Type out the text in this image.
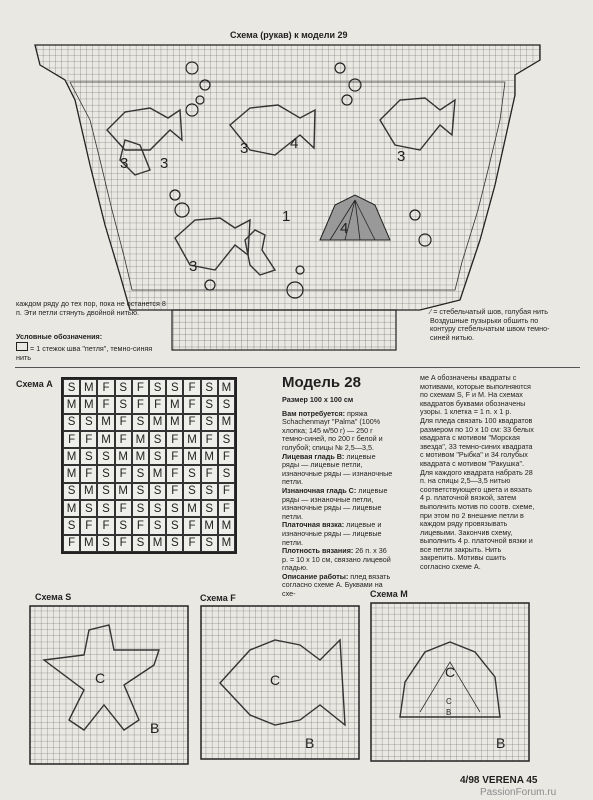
Схема (рукав) к модели 29
3
4
3	3
4
1
3
3
каждом ряду до тех пор, пока не останется 8 п. Эти петли стянуть двойной нитью.
Условные обозначения:
= 1 стежок шва "петля", темно-синяя нить
⁄ = стебельчатый шов, голубая нить
Воздушные пузырьки обшить по контуру стебельчатым швом темно-синей нитью.
Схема A	S M F S F S S F S M
M M F S F F M F S S
S S M F S M M F S M
F F M F M S F M F S
M S S M M S F M M F
M F S F S M F S F S
S M S M S S F S S F
M S S F S S S M S F
S F F S F S S F M M
F M S F S M S F S M
Модель 28
Размер 100 х 100 см

Вам потребуется: пряжа Schachenmayr "Palma" (100% хлопка; 145 м/50 г) — 250 г темно-синей, по 200 г белой и голубой; спицы № 2,5—3,5.

Лицевая гладь В: лицевые ряды — лицевые петли, изнаночные ряды — изнаночные петли.

Изнаночная гладь С: лицевые ряды — изнаночные петли, изнаночные ряды — лицевые петли.

Платочная вязка: лицевые и изнаночные ряды — лицевые петли.

Плотность вязания: 26 п. х 36 р. = 10 х 10 см, связано лицевой гладью.

Описание работы: плед вязать согласно схеме А. Буквами на схе-

ме A обозначены квадраты с мотивами, которые выполняются по схемам S, F и M. На схемах квадратов буквами обозначены узоры. 1 клетка = 1 п. х 1 р.

Для пледа связать 100 квадратов размером по 10 х 10 см: 33 белых квадрата с мотивом "Морская звезда", 33 темно-синих квадрата с мотивом "Рыбка" и 34 голубых квадрата с мотивом "Ракушка".

Для каждого квадрата набрать 28 п. на спицы 2,5—3,5 нитью соответствующего цвета и вязать 4 р. платочной вязкой, затем выполнить мотив по соотв. схеме, при этом по 2 внешние петли в каждом ряду провязывать лицевыми. Закончив схему, выполнить 4 р. платочной вязки и все петли закрыть. Нить закрепить. Мотивы сшить согласно схеме A.

Схема S	Схема F	Схема M
C
B
C
B
C
B
C
B
4/98 VERENA 45
PassionForum.ru
